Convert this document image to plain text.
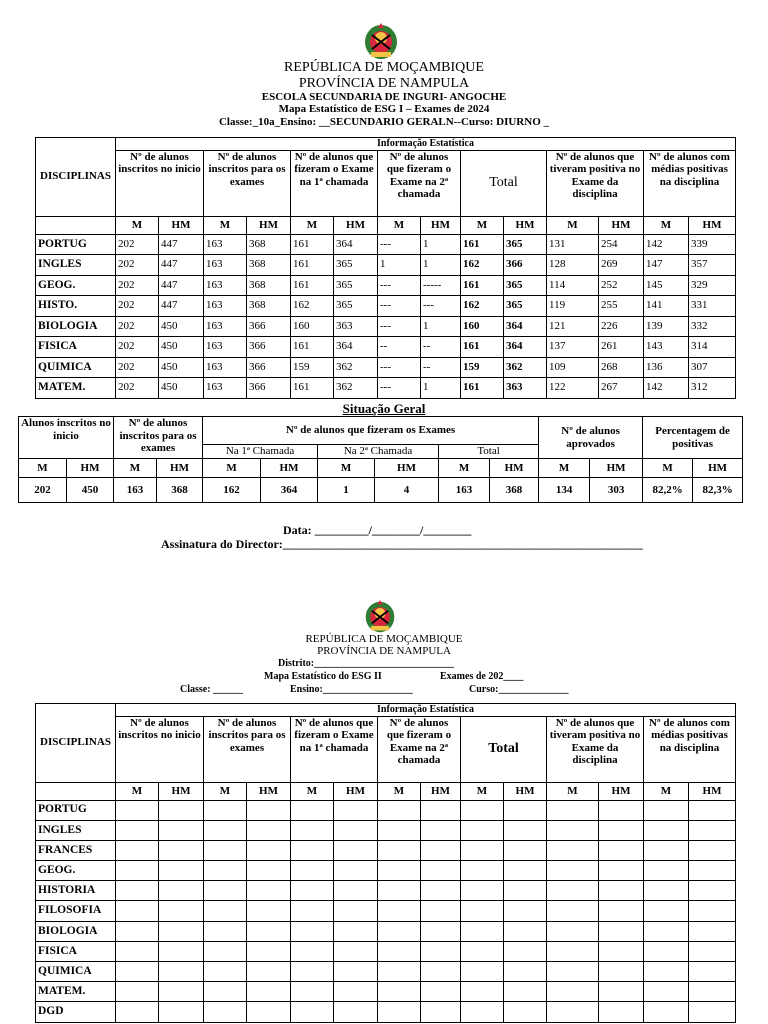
REPÚBLICA DE MOÇAMBIQUE
PROVÍNCIA DE NAMPULA
ESCOLA SECUNDARIA DE INGURI- ANGOCHE
Mapa Estatístico de ESG I – Exames de 2024
Classe:_10a_Ensino: __SECUNDARIO GERALN--Curso: DIURNO _
DISCIPLINAS	Informação Estatística													
	Nº de alunos inscritos no inicio		Nº de alunos inscritos para os exames		Nº de alunos que fizeram o Exame na 1ª chamada		Nº de alunos que fizeram o Exame na 2ª chamada		Total		Nº de alunos que tiveram positiva no Exame da disciplina		Nº de alunos com médias positivas na disciplina	
	M	HM	M	HM	M	HM	M	HM	M	HM	M	HM	M	HM
PORTUG	202	447	163	368	161	364	---	1	161	365	131	254	142	339
INGLES	202	447	163	368	161	365	1	1	162	366	128	269	147	357
GEOG.	202	447	163	368	161	365	---	-----	161	365	114	252	145	329
HISTO.	202	447	163	368	162	365	---	---	162	365	119	255	141	331
BIOLOGIA	202	450	163	366	160	363	---	1	160	364	121	226	139	332
FISICA	202	450	163	366	161	364	--	--	161	364	137	261	143	314
QUIMICA	202	450	163	366	159	362	---	--	159	362	109	268	136	307
MATEM.	202	450	163	366	161	362	---	1	161	363	122	267	142	312
Situação Geral
Alunos inscritos no inicio		Nº de alunos inscritos para os exames		Nº de alunos que fizeram os Exames						Nº de alunos aprovados		Percentagem de positivas	
				Na 1ª Chamada		Na 2ª Chamada		Total					
M	HM	M	HM	M	HM	M	HM	M	HM	M	HM	M	HM
202	450	163	368	162	364	1	4	163	368	134	303	82,2%	82,3%
Data: _________/________/________
Assinatura do Director:____________________________________________________________
REPÚBLICA DE MOÇAMBIQUE
PROVÍNCIA DE NAMPULA
Distrito:____________________________
Mapa Estatístico do ESG II	Exames de 202____
Classe: ______	Ensino:__________________	Curso:______________
DISCIPLINAS	Informação Estatística													
	Nº de alunos inscritos no inicio		Nº de alunos inscritos para os exames		Nº de alunos que fizeram o Exame na 1ª chamada		Nº de alunos que fizeram o Exame na 2ª chamada		Total		Nº de alunos que tiveram positiva no Exame da disciplina		Nº de alunos com médias positivas na disciplina	
	M	HM	M	HM	M	HM	M	HM	M	HM	M	HM	M	HM
PORTUG														
INGLES														
FRANCES														
GEOG.														
HISTORIA														
FILOSOFIA														
BIOLOGIA														
FISICA														
QUIMICA														
MATEM.														
DGD														
